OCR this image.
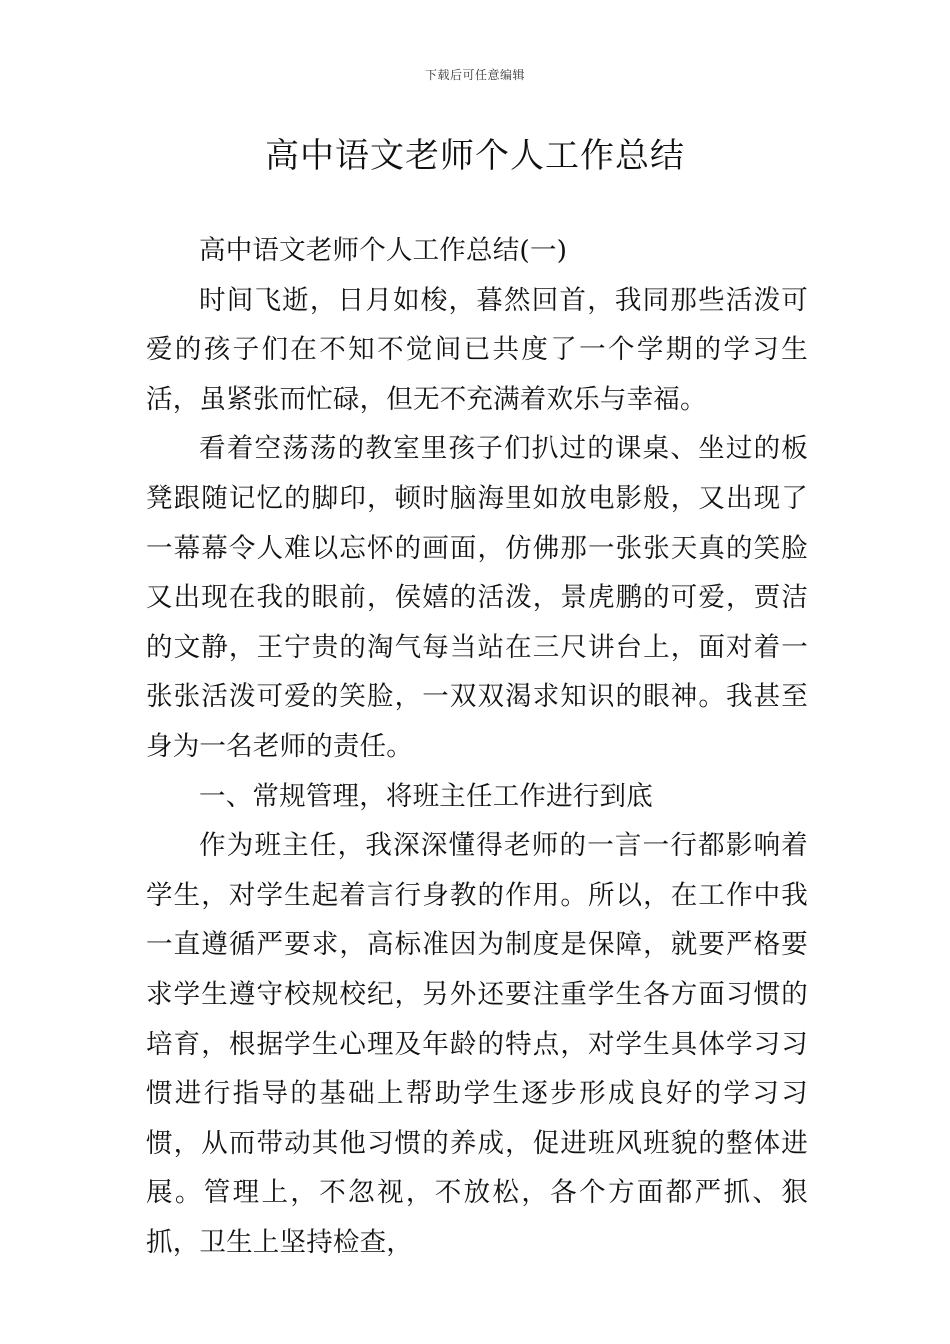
下载后可任意编辑
高中语文老师个人工作总结

高中语文老师个人工作总结(一)

时间飞逝，日月如梭，暮然回首，我同那些活泼可爱的孩子们在不知不觉间已共度了一个学期的学习生活，虽紧张而忙碌，但无不充满着欢乐与幸福。

看着空荡荡的教室里孩子们扒过的课桌、坐过的板凳跟随记忆的脚印，顿时脑海里如放电影般，又出现了一幕幕令人难以忘怀的画面，仿佛那一张张天真的笑脸又出现在我的眼前，侯嬉的活泼，景虎鹏的可爱，贾洁的文静，王宁贵的淘气每当站在三尺讲台上，面对着一张张活泼可爱的笑脸，一双双渴求知识的眼神。我甚至身为一名老师的责任。

一、常规管理，将班主任工作进行到底

作为班主任，我深深懂得老师的一言一行都影响着学生，对学生起着言行身教的作用。所以，在工作中我一直遵循严要求，高标准因为制度是保障，就要严格要求学生遵守校规校纪，另外还要注重学生各方面习惯的培育，根据学生心理及年龄的特点，对学生具体学习习惯进行指导的基础上帮助学生逐步形成良好的学习习惯，从而带动其他习惯的养成，促进班风班貌的整体进展。管理上，不忽视，不放松，各个方面都严抓、狠抓，卫生上坚持检查，
